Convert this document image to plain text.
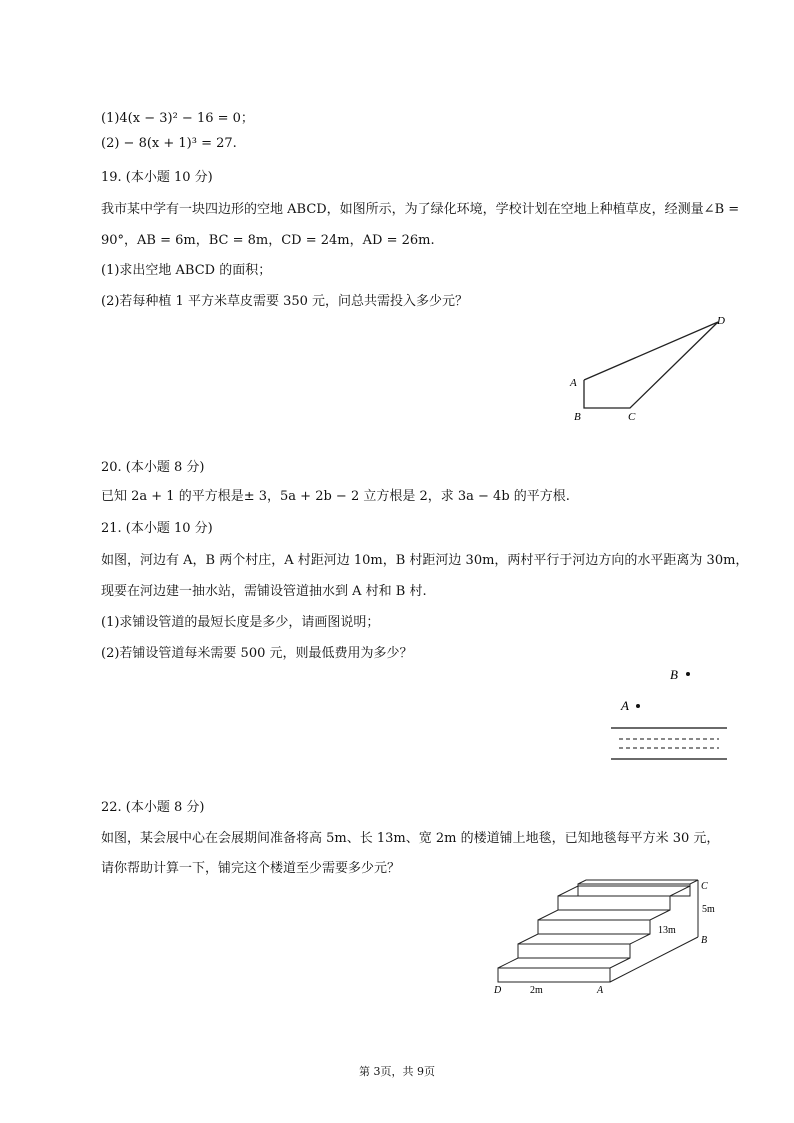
(1)4(x − 3)² − 16 = 0；
(2) − 8(x + 1)³ = 27.
19. (本小题 10 分)
我市某中学有一块四边形的空地 ABCD，如图所示，为了绿化环境，学校计划在空地上种植草皮，经测量∠B =
90°，AB = 6m，BC = 8m，CD = 24m，AD = 26m.
(1)求出空地 ABCD 的面积；
(2)若每种植 1 平方米草皮需要 350 元，问总共需投入多少元？
A
B	C
D
20. (本小题 8 分)
已知 2a + 1 的平方根是± 3，5a + 2b − 2 立方根是 2，求 3a − 4b 的平方根.
21. (本小题 10 分)
如图，河边有 A，B 两个村庄，A 村距河边 10m，B 村距河边 30m，两村平行于河边方向的水平距离为 30m，
现要在河边建一抽水站，需铺设管道抽水到 A 村和 B 村.
(1)求铺设管道的最短长度是多少，请画图说明；
(2)若铺设管道每米需要 500 元，则最低费用为多少？
B
A
22. (本小题 8 分)
如图，某会展中心在会展期间准备将高 5m、长 13m、宽 2m 的楼道铺上地毯，已知地毯每平方米 30 元，
请你帮助计算一下，铺完这个楼道至少需要多少元？
C
5m
13m
B
D	2m	A
第 3页，共 9页
